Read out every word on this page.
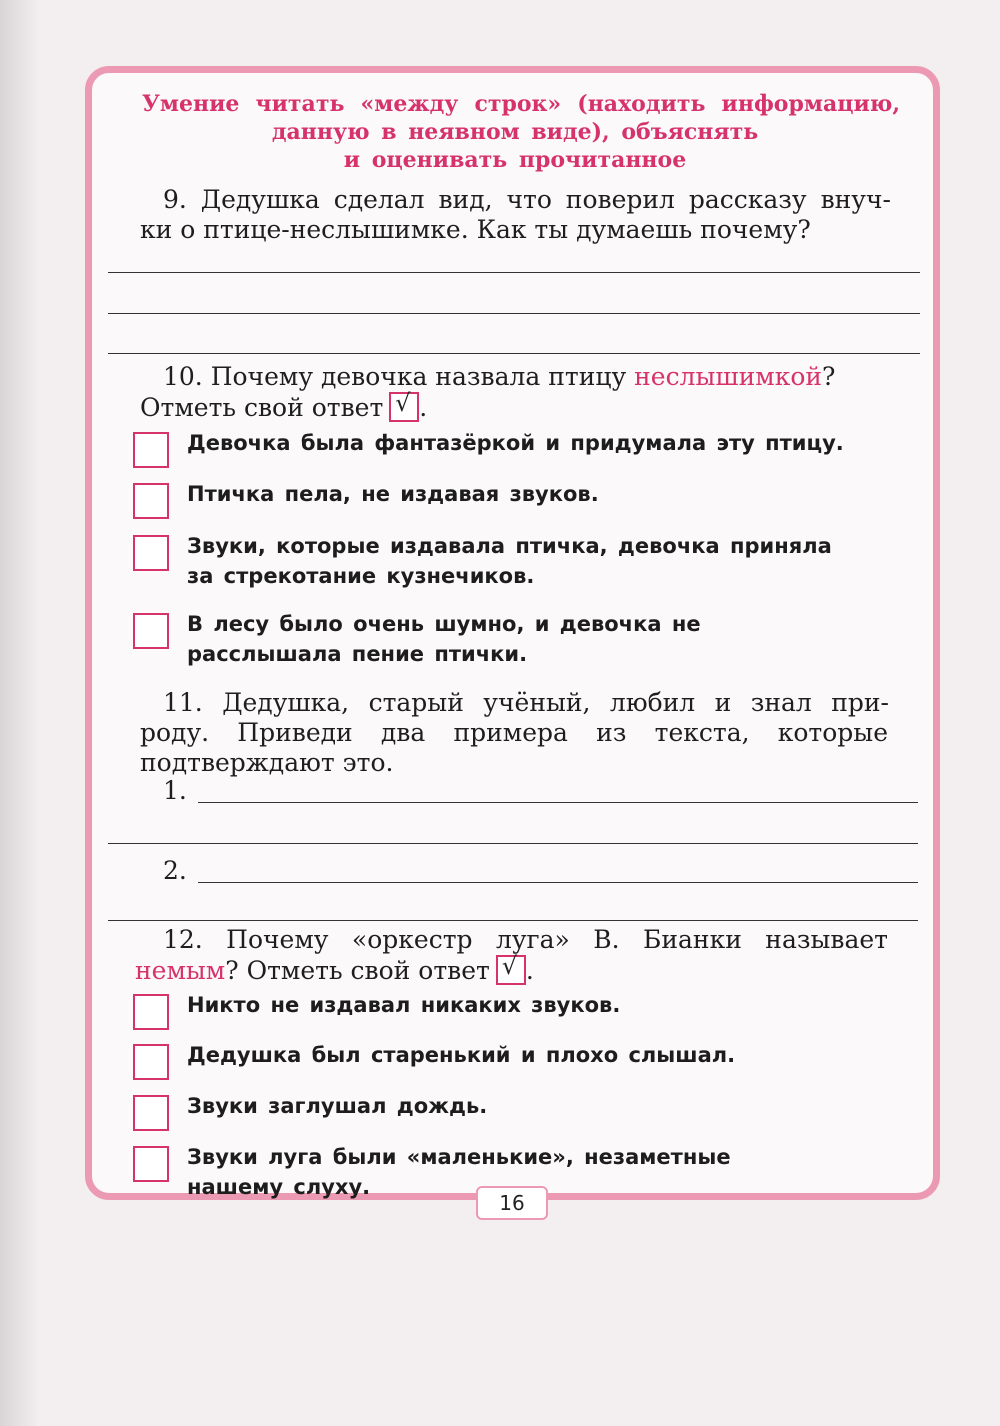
Умение читать «между строк» (находить информацию,
данную в неявном виде), объяснять
и оценивать прочитанное
9. Дедушка сделал вид, что поверил рассказу внуч-
ки о птице-неслышимке. Как ты думаешь почему?
10. Почему девочка назвала птицу неслышимкой?
Отметь свой ответ √ .
Девочка была фантазёркой и придумала эту птицу.
Птичка пела, не издавая звуков.
Звуки, которые издавала птичка, девочка приняла за стрекотание кузнечиков.
В лесу было очень шумно, и девочка не расслышала пение птички.
11. Дедушка, старый учёный, любил и знал при-
роду. Приведи два примера из текста, которые
подтверждают это.
1.
2.
12. Почему «оркестр луга» В. Бианки называет
немым? Отметь свой ответ √ .
Никто не издавал никаких звуков.
Дедушка был старенький и плохо слышал.
Звуки заглушал дождь.
Звуки луга были «маленькие», незаметные нашему слуху.
16
